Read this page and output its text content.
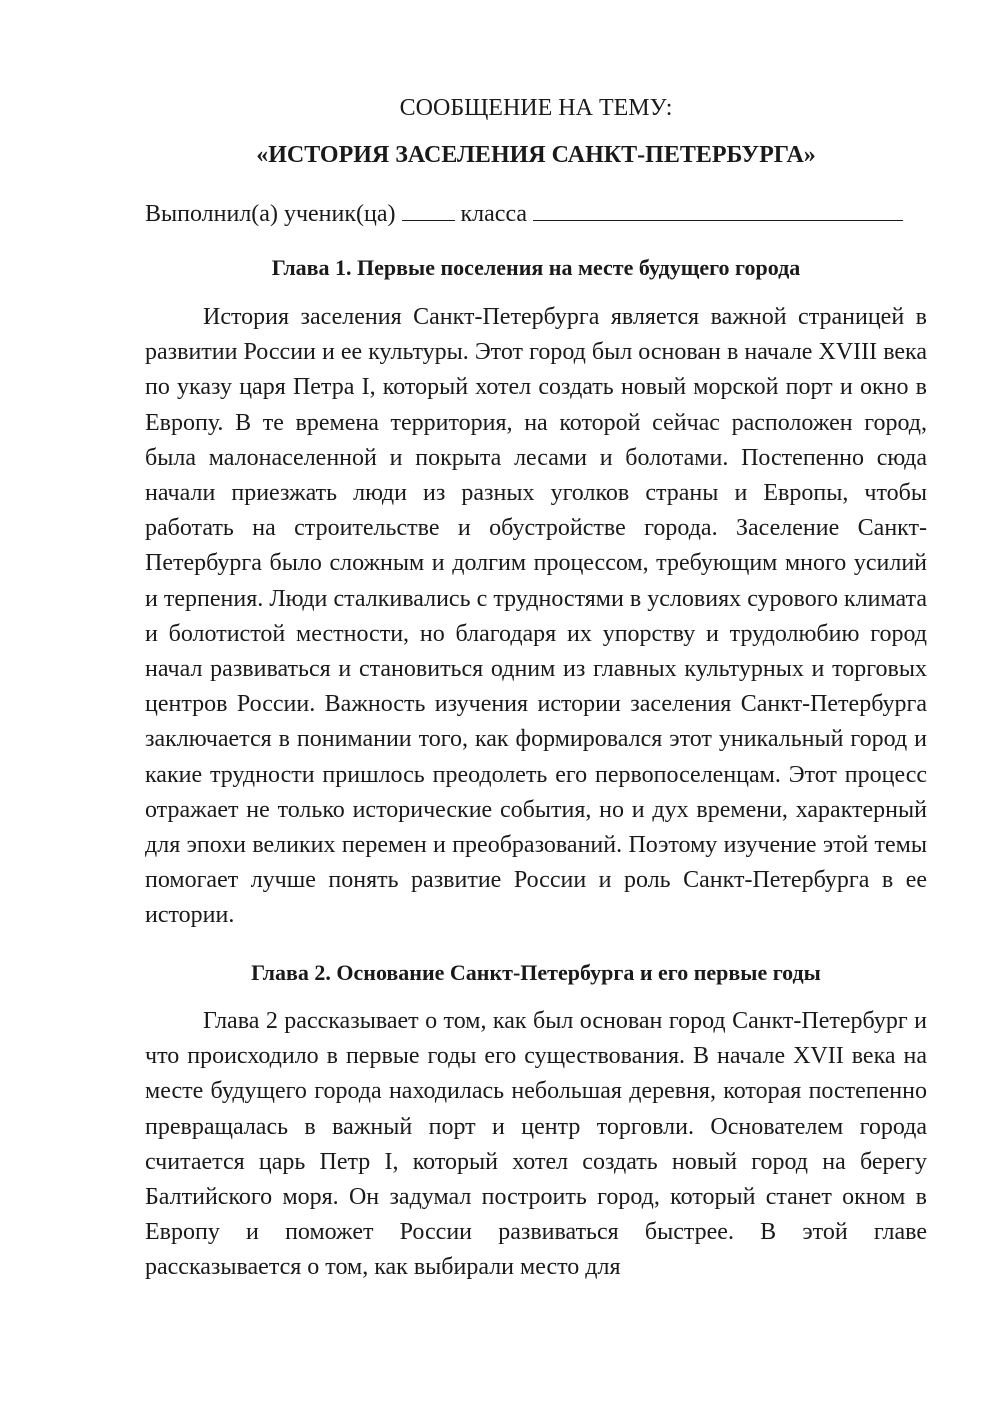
СООБЩЕНИЕ НА ТЕМУ:

«ИСТОРИЯ ЗАСЕЛЕНИЯ САНКТ-ПЕТЕРБУРГА»

Выполнил(а) ученик(ца)	класса
Глава 1. Первые поселения на месте будущего города

История заселения Санкт-Петербурга является важной страницей в развитии России и ее культуры. Этот город был основан в начале XVIII века по указу царя Петра I, который хотел создать новый морской порт и окно в Европу. В те времена территория, на которой сейчас расположен город, была малонаселенной и покрыта лесами и болотами. Постепенно сюда начали приезжать люди из разных уголков страны и Европы, чтобы работать на строительстве и обустройстве города. Заселение Санкт-Петербурга было сложным и долгим процессом, требующим много усилий и терпения. Люди сталкивались с трудностями в условиях сурового климата и болотистой местности, но благодаря их упорству и трудолюбию город начал развиваться и становиться одним из главных культурных и торговых центров России. Важность изучения истории заселения Санкт-Петербурга заключается в понимании того, как формировался этот уникальный город и какие трудности пришлось преодолеть его первопоселенцам. Этот процесс отражает не только исторические события, но и дух времени, характерный для эпохи великих перемен и преобразований. Поэтому изучение этой темы помогает лучше понять развитие России и роль Санкт-Петербурга в ее истории.

Глава 2. Основание Санкт-Петербурга и его первые годы

Глава 2 рассказывает о том, как был основан город Санкт-Петербург и что происходило в первые годы его существования. В начале XVII века на месте будущего города находилась небольшая деревня, которая постепенно превращалась в важный порт и центр торговли. Основателем города считается царь Петр I, который хотел создать новый город на берегу Балтийского моря. Он задумал построить город, который станет окном в Европу и поможет России развиваться быстрее. В этой главе рассказывается о том, как выбирали место для
